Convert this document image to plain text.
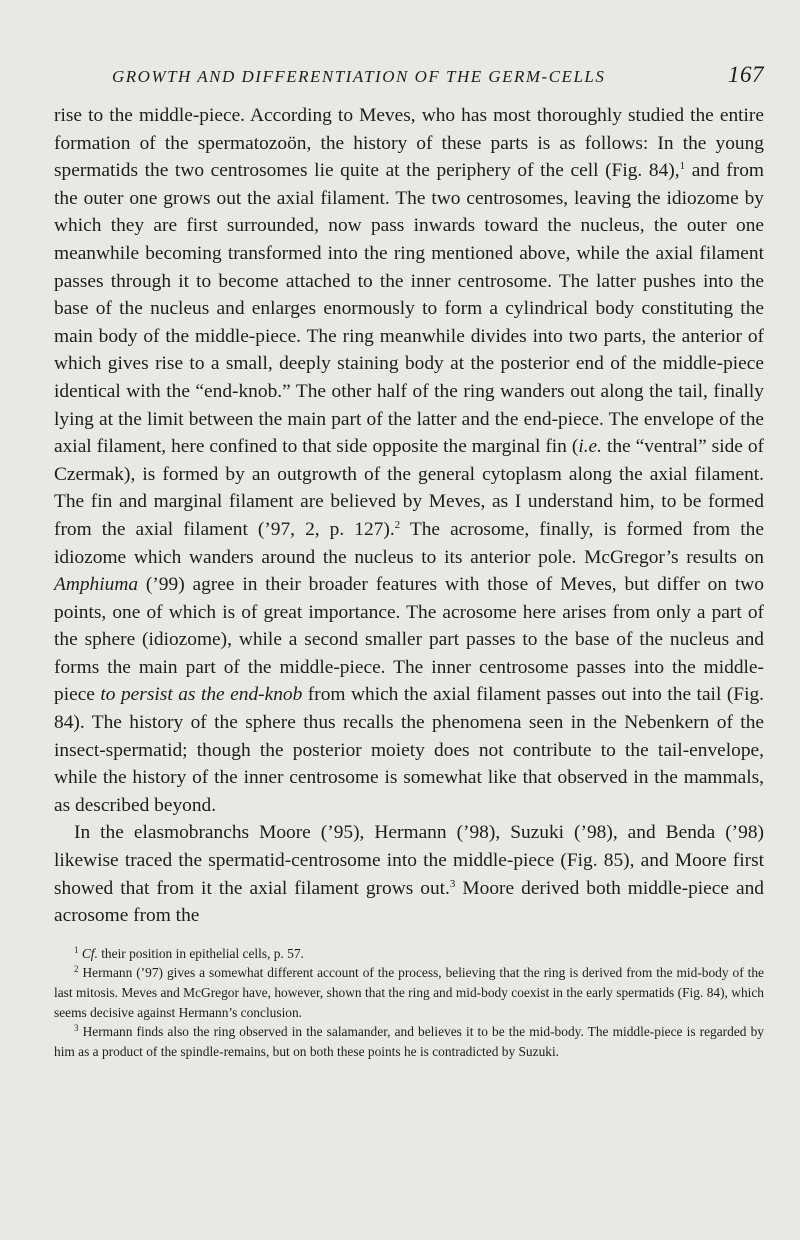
GROWTH AND DIFFERENTIATION OF THE GERM-CELLS	167

rise to the middle-piece. According to Meves, who has most thoroughly studied the entire formation of the spermatozoön, the history of these parts is as follows: In the young spermatids the two centrosomes lie quite at the periphery of the cell (Fig. 84),$^1$ and from the outer one grows out the axial filament. The two centrosomes, leaving the idiozome by which they are first surrounded, now pass inwards toward the nucleus, the outer one meanwhile becoming transformed into the ring mentioned above, while the axial filament passes through it to become attached to the inner centrosome. The latter pushes into the base of the nucleus and enlarges enormously to form a cylindrical body constituting the main body of the middle-piece. The ring meanwhile divides into two parts, the anterior of which gives rise to a small, deeply staining body at the posterior end of the middle-piece identical with the “end-knob.” The other half of the ring wanders out along the tail, finally lying at the limit between the main part of the latter and the end-piece. The envelope of the axial filament, here confined to that side opposite the marginal fin (i.e. the “ventral” side of Czermak), is formed by an outgrowth of the general cytoplasm along the axial filament. The fin and marginal filament are believed by Meves, as I understand him, to be formed from the axial filament (’97, 2, p. 127).$^2$ The acrosome, finally, is formed from the idiozome which wanders around the nucleus to its anterior pole. McGregor’s results on Amphiuma (’99) agree in their broader features with those of Meves, but differ on two points, one of which is of great importance. The acrosome here arises from only a part of the sphere (idiozome), while a second smaller part passes to the base of the nucleus and forms the main part of the middle-piece. The inner centrosome passes into the middle-piece to persist as the end-knob from which the axial filament passes out into the tail (Fig. 84). The history of the sphere thus recalls the phenomena seen in the Nebenkern of the insect-spermatid; though the posterior moiety does not contribute to the tail-envelope, while the history of the inner centrosome is somewhat like that observed in the mammals, as described beyond.

In the elasmobranchs Moore (’95), Hermann (’98), Suzuki (’98), and Benda (’98) likewise traced the spermatid-centrosome into the middle-piece (Fig. 85), and Moore first showed that from it the axial filament grows out.$^3$ Moore derived both middle-piece and acrosome from the

$^1$ Cf. their position in epithelial cells, p. 57.

$^2$ Hermann (’97) gives a somewhat different account of the process, believing that the ring is derived from the mid-body of the last mitosis. Meves and McGregor have, however, shown that the ring and mid-body coexist in the early spermatids (Fig. 84), which seems decisive against Hermann’s conclusion.

$^3$ Hermann finds also the ring observed in the salamander, and believes it to be the mid-body. The middle-piece is regarded by him as a product of the spindle-remains, but on both these points he is contradicted by Suzuki.
